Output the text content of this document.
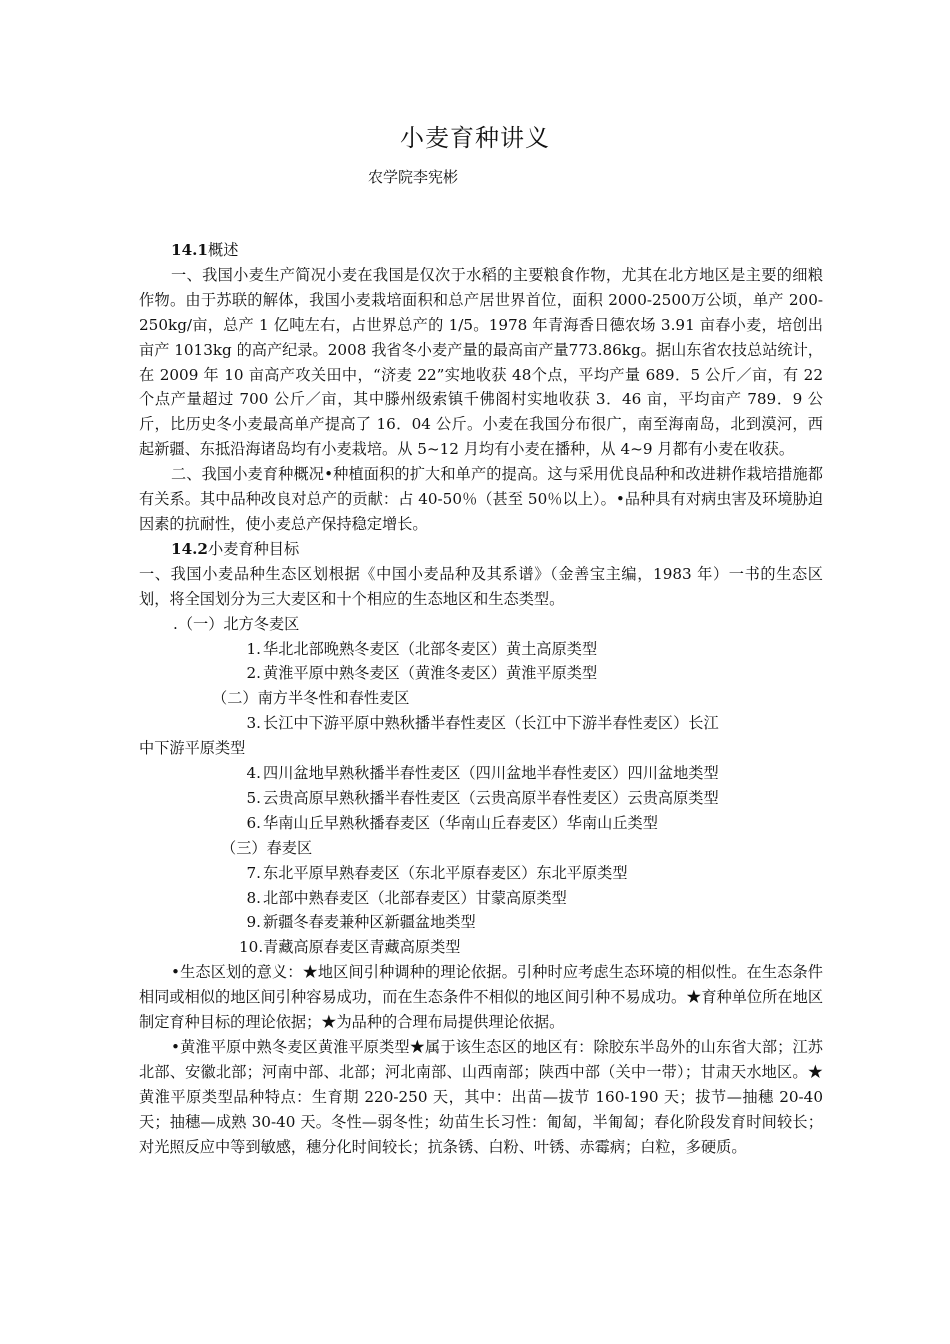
小麦育种讲义
农学院李宪彬

14.1概述

一、我国小麦生产简况小麦在我国是仅次于水稻的主要粮食作物，尤其在北方地区是主要的细粮作物。由于苏联的解体，我国小麦栽培面积和总产居世界首位，面积 2000-2500万公顷，单产 200-250kg/亩，总产 1 亿吨左右，占世界总产的 1/5。1978 年青海香日德农场 3.91 亩春小麦，培创出亩产 1013kg 的高产纪录。2008 我省冬小麦产量的最高亩产量773.86kg。据山东省农技总站统计，在 2009 年 10 亩高产攻关田中，“济麦 22”实地收获 48个点，平均产量 689．5 公斤／亩，有 22 个点产量超过 700 公斤／亩，其中滕州级索镇千佛阁村实地收获 3．46 亩，平均亩产 789．9 公斤，比历史冬小麦最高单产提高了 16．04 公斤。小麦在我国分布很广，南至海南岛，北到漠河，西起新疆、东抵沿海诸岛均有小麦栽培。从 5~12 月均有小麦在播种，从 4~9 月都有小麦在收获。

二、我国小麦育种概况•种植面积的扩大和单产的提高。这与采用优良品种和改进耕作栽培措施都有关系。其中品种改良对总产的贡献：占 40-50％（甚至 50％以上）。•品种具有对病虫害及环境胁迫因素的抗耐性，使小麦总产保持稳定增长。

14.2小麦育种目标

一、我国小麦品种生态区划根据《中国小麦品种及其系谱》（金善宝主编，1983 年）一书的生态区划，将全国划分为三大麦区和十个相应的生态地区和生态类型。

.（一）北方冬麦区

1. 华北北部晚熟冬麦区（北部冬麦区）黄土高原类型

2. 黄淮平原中熟冬麦区（黄淮冬麦区）黄淮平原类型

（二）南方半冬性和春性麦区

3. 长江中下游平原中熟秋播半春性麦区（长江中下游半春性麦区）长江

中下游平原类型

4. 四川盆地早熟秋播半春性麦区（四川盆地半春性麦区）四川盆地类型

5. 云贵高原早熟秋播半春性麦区（云贵高原半春性麦区）云贵高原类型

6. 华南山丘早熟秋播春麦区（华南山丘春麦区）华南山丘类型

（三）春麦区

7. 东北平原早熟春麦区（东北平原春麦区）东北平原类型

8. 北部中熟春麦区（北部春麦区）甘蒙高原类型

9. 新疆冬春麦兼种区新疆盆地类型

10.青藏高原春麦区青藏高原类型

•生态区划的意义：★地区间引种调种的理论依据。引种时应考虑生态环境的相似性。在生态条件相同或相似的地区间引种容易成功，而在生态条件不相似的地区间引种不易成功。★育种单位所在地区制定育种目标的理论依据；★为品种的合理布局提供理论依据。

•黄淮平原中熟冬麦区黄淮平原类型★属于该生态区的地区有：除胶东半岛外的山东省大部；江苏北部、安徽北部；河南中部、北部；河北南部、山西南部；陕西中部（关中一带）；甘肃天水地区。★黄淮平原类型品种特点：生育期 220-250 天，其中：出苗—拔节 160-190 天；拔节—抽穗 20-40 天；抽穗—成熟 30-40 天。冬性—弱冬性；幼苗生长习性：匍匐，半匍匐；春化阶段发育时间较长；对光照反应中等到敏感，穗分化时间较长；抗条锈、白粉、叶锈、赤霉病；白粒，多硬质。
